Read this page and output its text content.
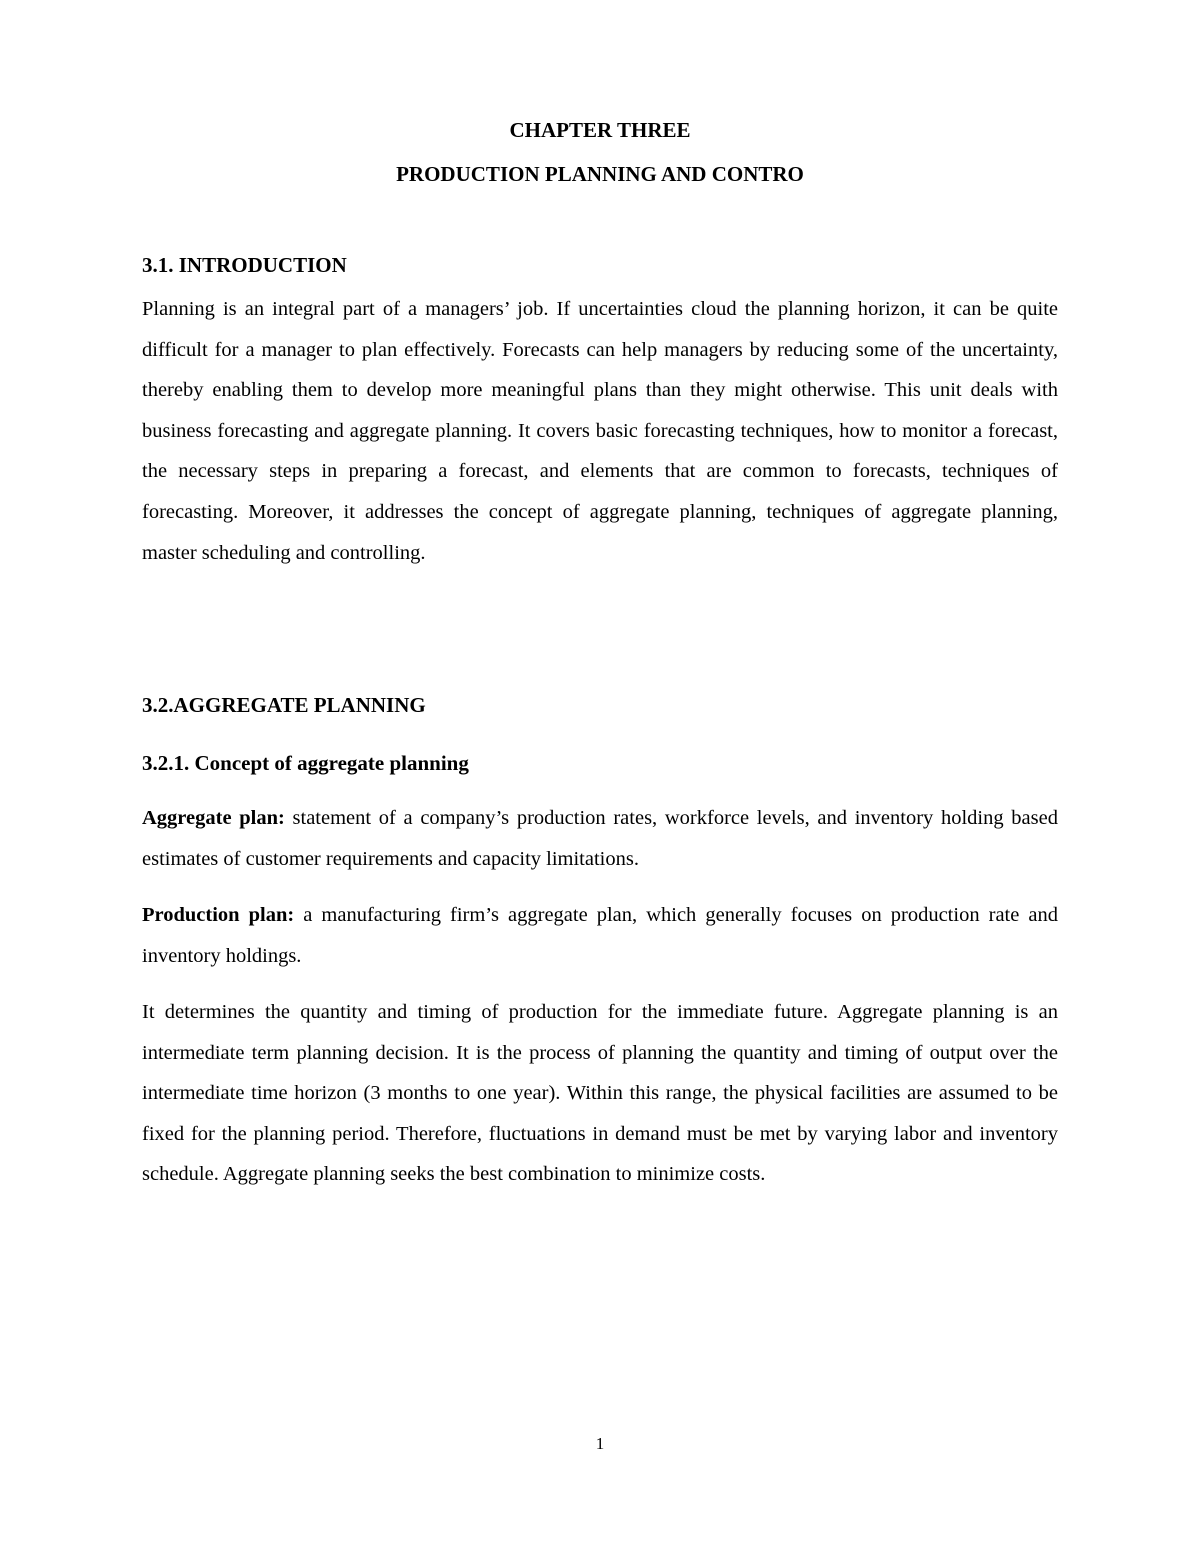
CHAPTER THREE
PRODUCTION PLANNING AND CONTRO
3.1. INTRODUCTION

Planning is an integral part of a managers’ job. If uncertainties cloud the planning horizon, it can be quite difficult for a manager to plan effectively. Forecasts can help managers by reducing some of the uncertainty, thereby enabling them to develop more meaningful plans than they might otherwise. This unit deals with business forecasting and aggregate planning. It covers basic forecasting techniques, how to monitor a forecast, the necessary steps in preparing a forecast, and elements that are common to forecasts, techniques of forecasting. Moreover, it addresses the concept of aggregate planning, techniques of aggregate planning, master scheduling and controlling.

3.2.AGGREGATE PLANNING
3.2.1. Concept of aggregate planning

Aggregate plan: statement of a company’s production rates, workforce levels, and inventory holding based estimates of customer requirements and capacity limitations.

Production plan: a manufacturing firm’s aggregate plan, which generally focuses on production rate and inventory holdings.

It determines the quantity and timing of production for the immediate future. Aggregate planning is an intermediate term planning decision. It is the process of planning the quantity and timing of output over the intermediate time horizon (3 months to one year). Within this range, the physical facilities are assumed to be fixed for the planning period. Therefore, fluctuations in demand must be met by varying labor and inventory schedule. Aggregate planning seeks the best combination to minimize costs.

1
